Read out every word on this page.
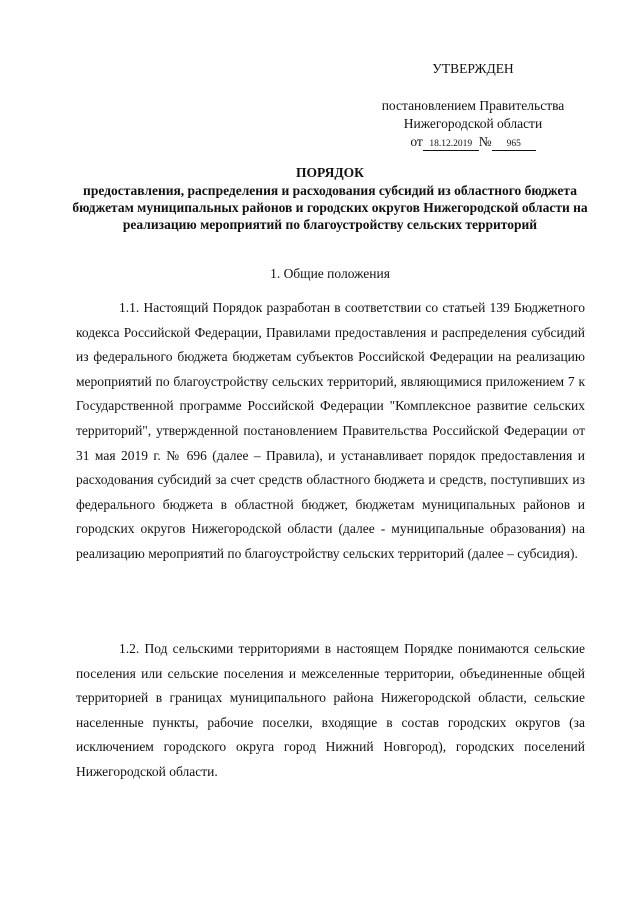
УТВЕРЖДЕН
постановлением Правительства
Нижегородской области
от 18.12.2019 № 965
ПОРЯДОК
предоставления, распределения и расходования субсидий из областного бюджета бюджетам муниципальных районов и городских округов Нижегородской области на реализацию мероприятий по благоустройству сельских территорий
1. Общие положения

1.1. Настоящий Порядок разработан в соответствии со статьей 139 Бюджетного кодекса Российской Федерации, Правилами предоставления и распределения субсидий из федерального бюджета бюджетам субъектов Российской Федерации на реализацию мероприятий по благоустройству сельских территорий, являющимися приложением 7 к Государственной программе Российской Федерации "Комплексное развитие сельских территорий", утвержденной постановлением Правительства Российской Федерации от 31 мая 2019 г. № 696 (далее – Правила), и устанавливает порядок предоставления и расходования субсидий за счет средств областного бюджета и средств, поступивших из федерального бюджета в областной бюджет, бюджетам муниципальных районов и городских округов Нижегородской области (далее - муниципальные образования) на реализацию мероприятий по благоустройству сельских территорий (далее – субсидия).

1.2. Под сельскими территориями в настоящем Порядке понимаются сельские поселения или сельские поселения и межселенные территории, объединенные общей территорией в границах муниципального района Нижегородской области, сельские населенные пункты, рабочие поселки, входящие в состав городских округов (за исключением городского округа город Нижний Новгород), городских поселений Нижегородской области.
